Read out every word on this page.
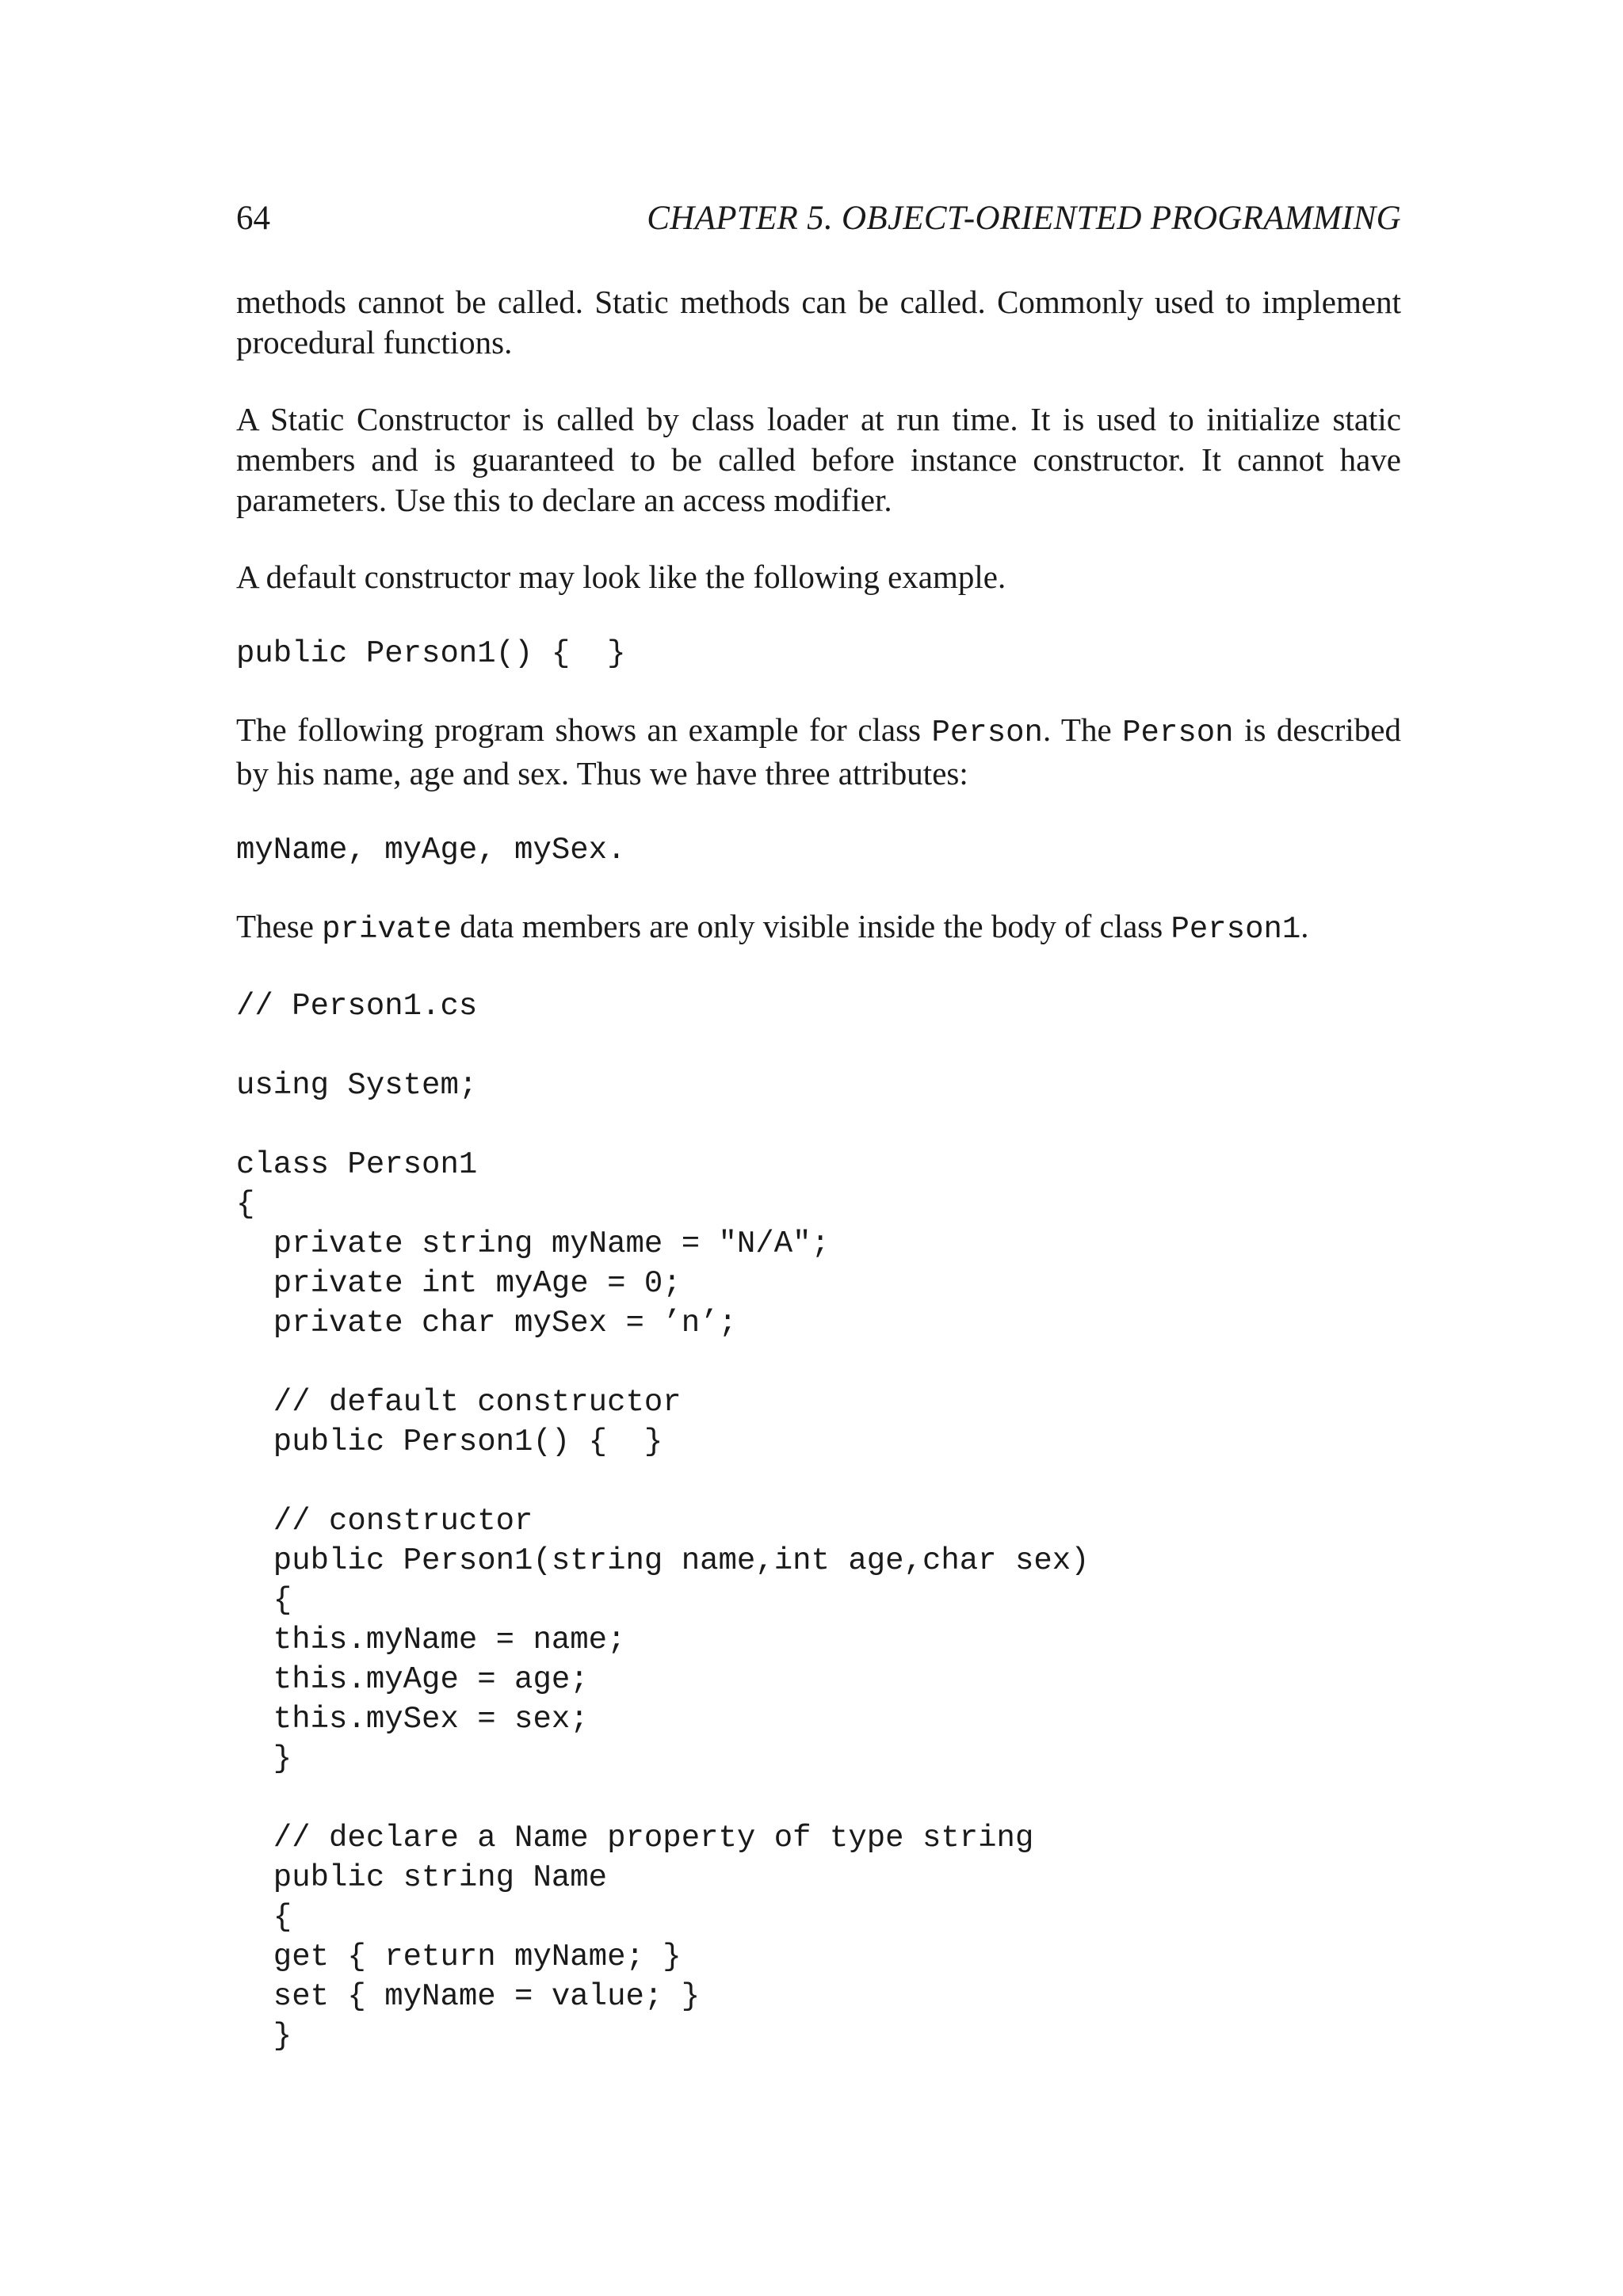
64	CHAPTER 5. OBJECT-ORIENTED PROGRAMMING

methods cannot be called. Static methods can be called. Commonly used to implement procedural functions.

A Static Constructor is called by class loader at run time. It is used to initialize static members and is guaranteed to be called before instance constructor. It cannot have parameters. Use this to declare an access modifier.

A default constructor may look like the following example.

public Person1() {  }

The following program shows an example for class Person. The Person is described by his name, age and sex. Thus we have three attributes:

myName, myAge, mySex.

These private data members are only visible inside the body of class Person1.

// Person1.cs

using System;

class Person1
{
private string myName = "N/A";
private int myAge = 0;
private char mySex = ’n’;

// default constructor
public Person1() {  }

// constructor
public Person1(string name,int age,char sex)
{
this.myName = name;
this.myAge = age;
this.mySex = sex;
}

// declare a Name property of type string
public string Name
{
get { return myName; }
set { myName = value; }
}
